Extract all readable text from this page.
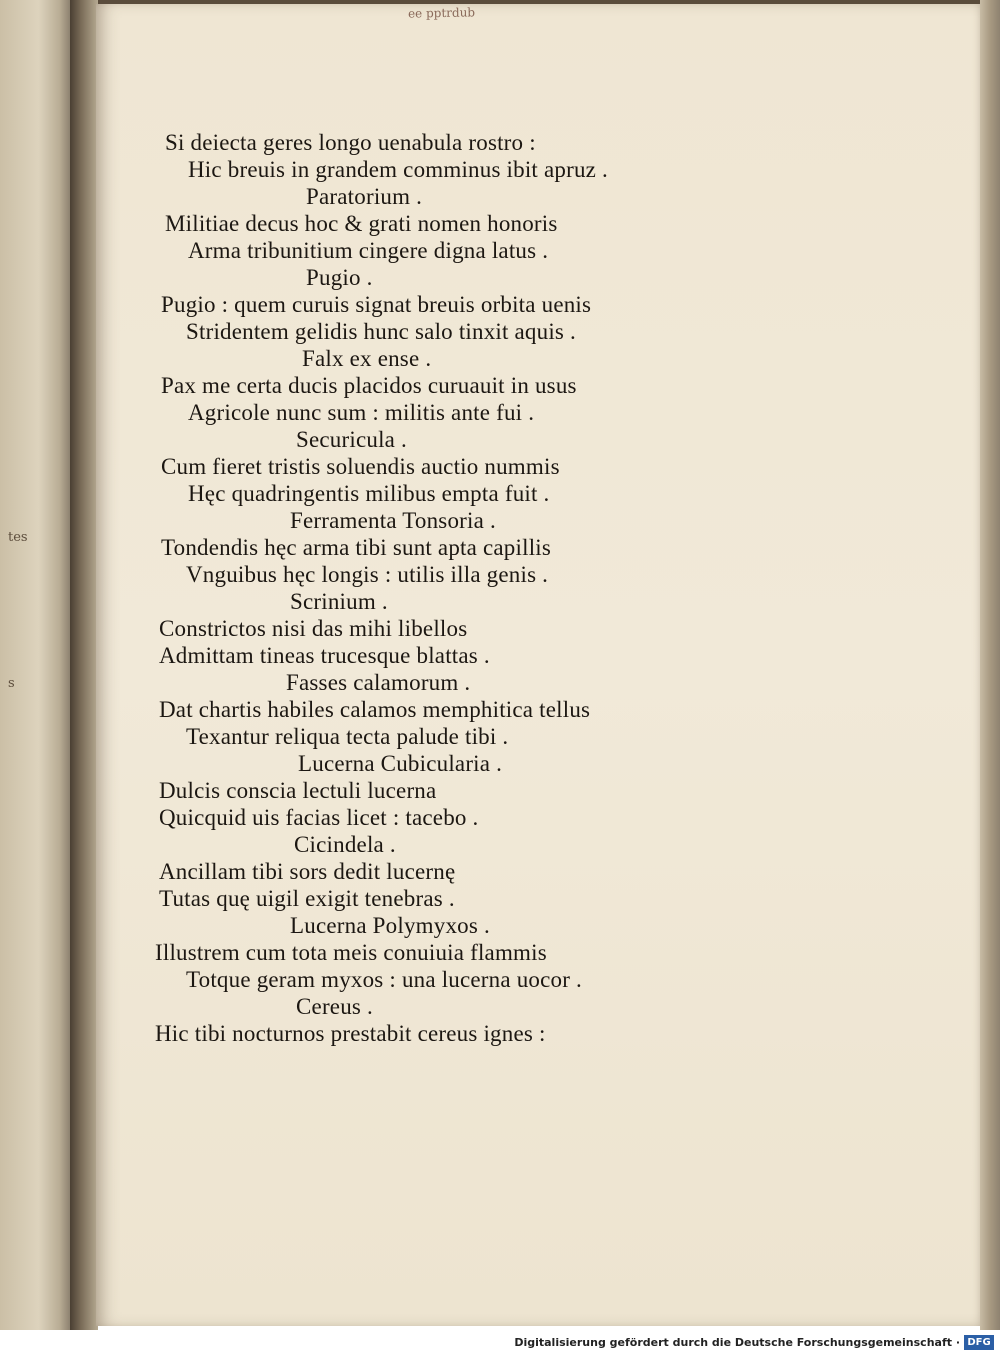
tes
s
ee pptrdub
Si deiecta geres longo uenabula rostro :
Hic breuis in grandem comminus ibit apruz .
Paratorium .
Militiae decus hoc & grati nomen honoris
Arma tribunitium cingere digna latus .
Pugio .
Pugio : quem curuis signat breuis orbita uenis
Stridentem gelidis hunc salo tinxit aquis .
Falx ex ense .
Pax me certa ducis placidos curuauit in usus
Agricole nunc sum : militis ante fui .
Securicula .
Cum fieret tristis soluendis auctio nummis
Hęc quadringentis milibus empta fuit .
Ferramenta Tonsoria .
Tondendis hęc arma tibi sunt apta capillis
Vnguibus hęc longis : utilis illa genis .
Scrinium .
Constrictos nisi das mihi libellos
Admittam tineas trucesque blattas .
Fasses calamorum .
Dat chartis habiles calamos memphitica tellus
Texantur reliqua tecta palude tibi .
Lucerna Cubicularia .
Dulcis conscia lectuli lucerna
Quicquid uis facias licet : tacebo .
Cicindela .
Ancillam tibi sors dedit lucernę
Tutas quę uigil exigit tenebras .
Lucerna Polymyxos .
Illustrem cum tota meis conuiuia flammis
Totque geram myxos : una lucerna uocor .
Cereus .
Hic tibi nocturnos prestabit cereus ignes :
Digitalisierung gefördert durch die Deutsche Forschungsgemeinschaft · DFG
